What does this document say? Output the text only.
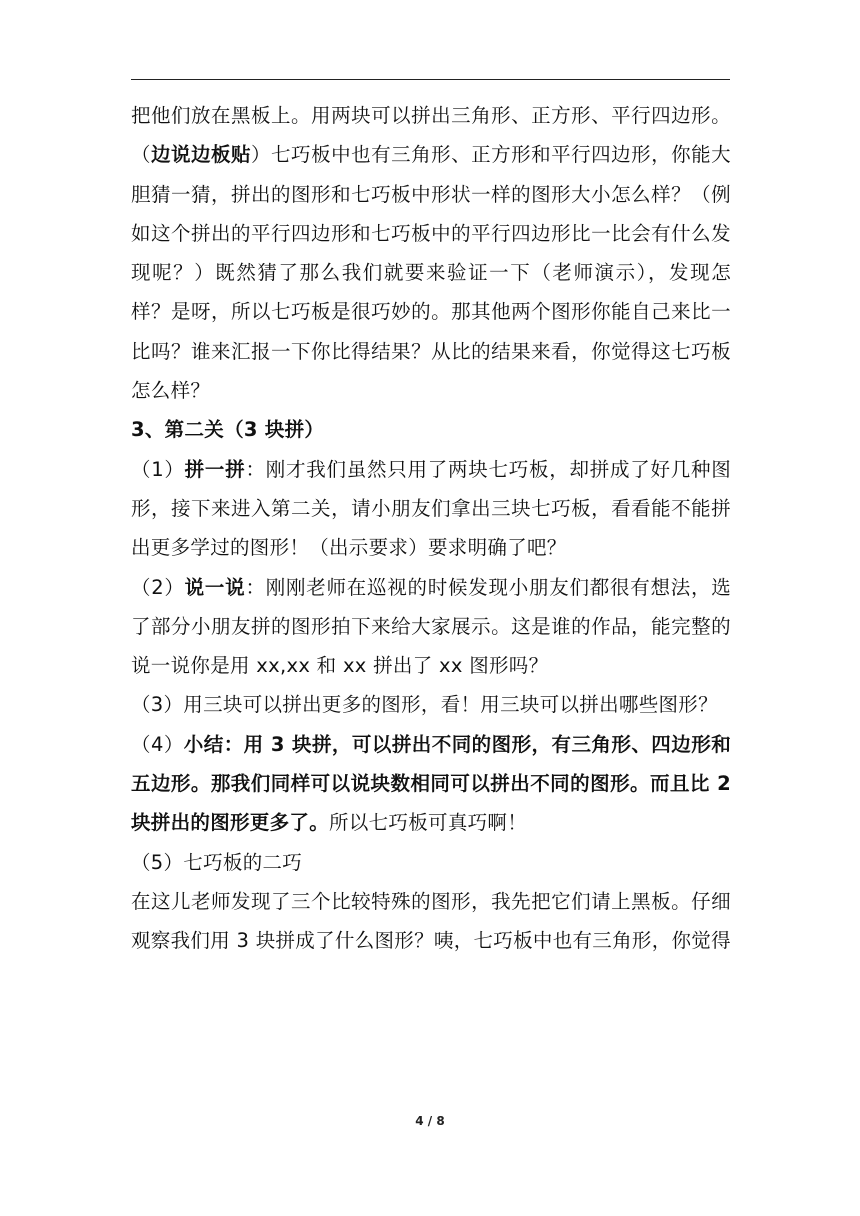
把他们放在黑板上。用两块可以拼出三角形、正方形、平行四边形。（边说边板贴）七巧板中也有三角形、正方形和平行四边形，你能大胆猜一猜，拼出的图形和七巧板中形状一样的图形大小怎么样？（例如这个拼出的平行四边形和七巧板中的平行四边形比一比会有什么发现呢？）既然猜了那么我们就要来验证一下（老师演示），发现怎样？是呀，所以七巧板是很巧妙的。那其他两个图形你能自己来比一比吗？谁来汇报一下你比得结果？从比的结果来看，你觉得这七巧板怎么样？

3、第二关（3 块拼）

（1）拼一拼：刚才我们虽然只用了两块七巧板，却拼成了好几种图形，接下来进入第二关，请小朋友们拿出三块七巧板，看看能不能拼出更多学过的图形！（出示要求）要求明确了吧？

（2）说一说：刚刚老师在巡视的时候发现小朋友们都很有想法，选了部分小朋友拼的图形拍下来给大家展示。这是谁的作品，能完整的说一说你是用 xx,xx 和 xx 拼出了 xx 图形吗？

（3）用三块可以拼出更多的图形，看！用三块可以拼出哪些图形？

（4）小结：用 3 块拼，可以拼出不同的图形，有三角形、四边形和五边形。那我们同样可以说块数相同可以拼出不同的图形。而且比 2 块拼出的图形更多了。所以七巧板可真巧啊！

（5）七巧板的二巧

在这儿老师发现了三个比较特殊的图形，我先把它们请上黑板。仔细观察我们用 3 块拼成了什么图形？咦，七巧板中也有三角形，你觉得

4 / 8
